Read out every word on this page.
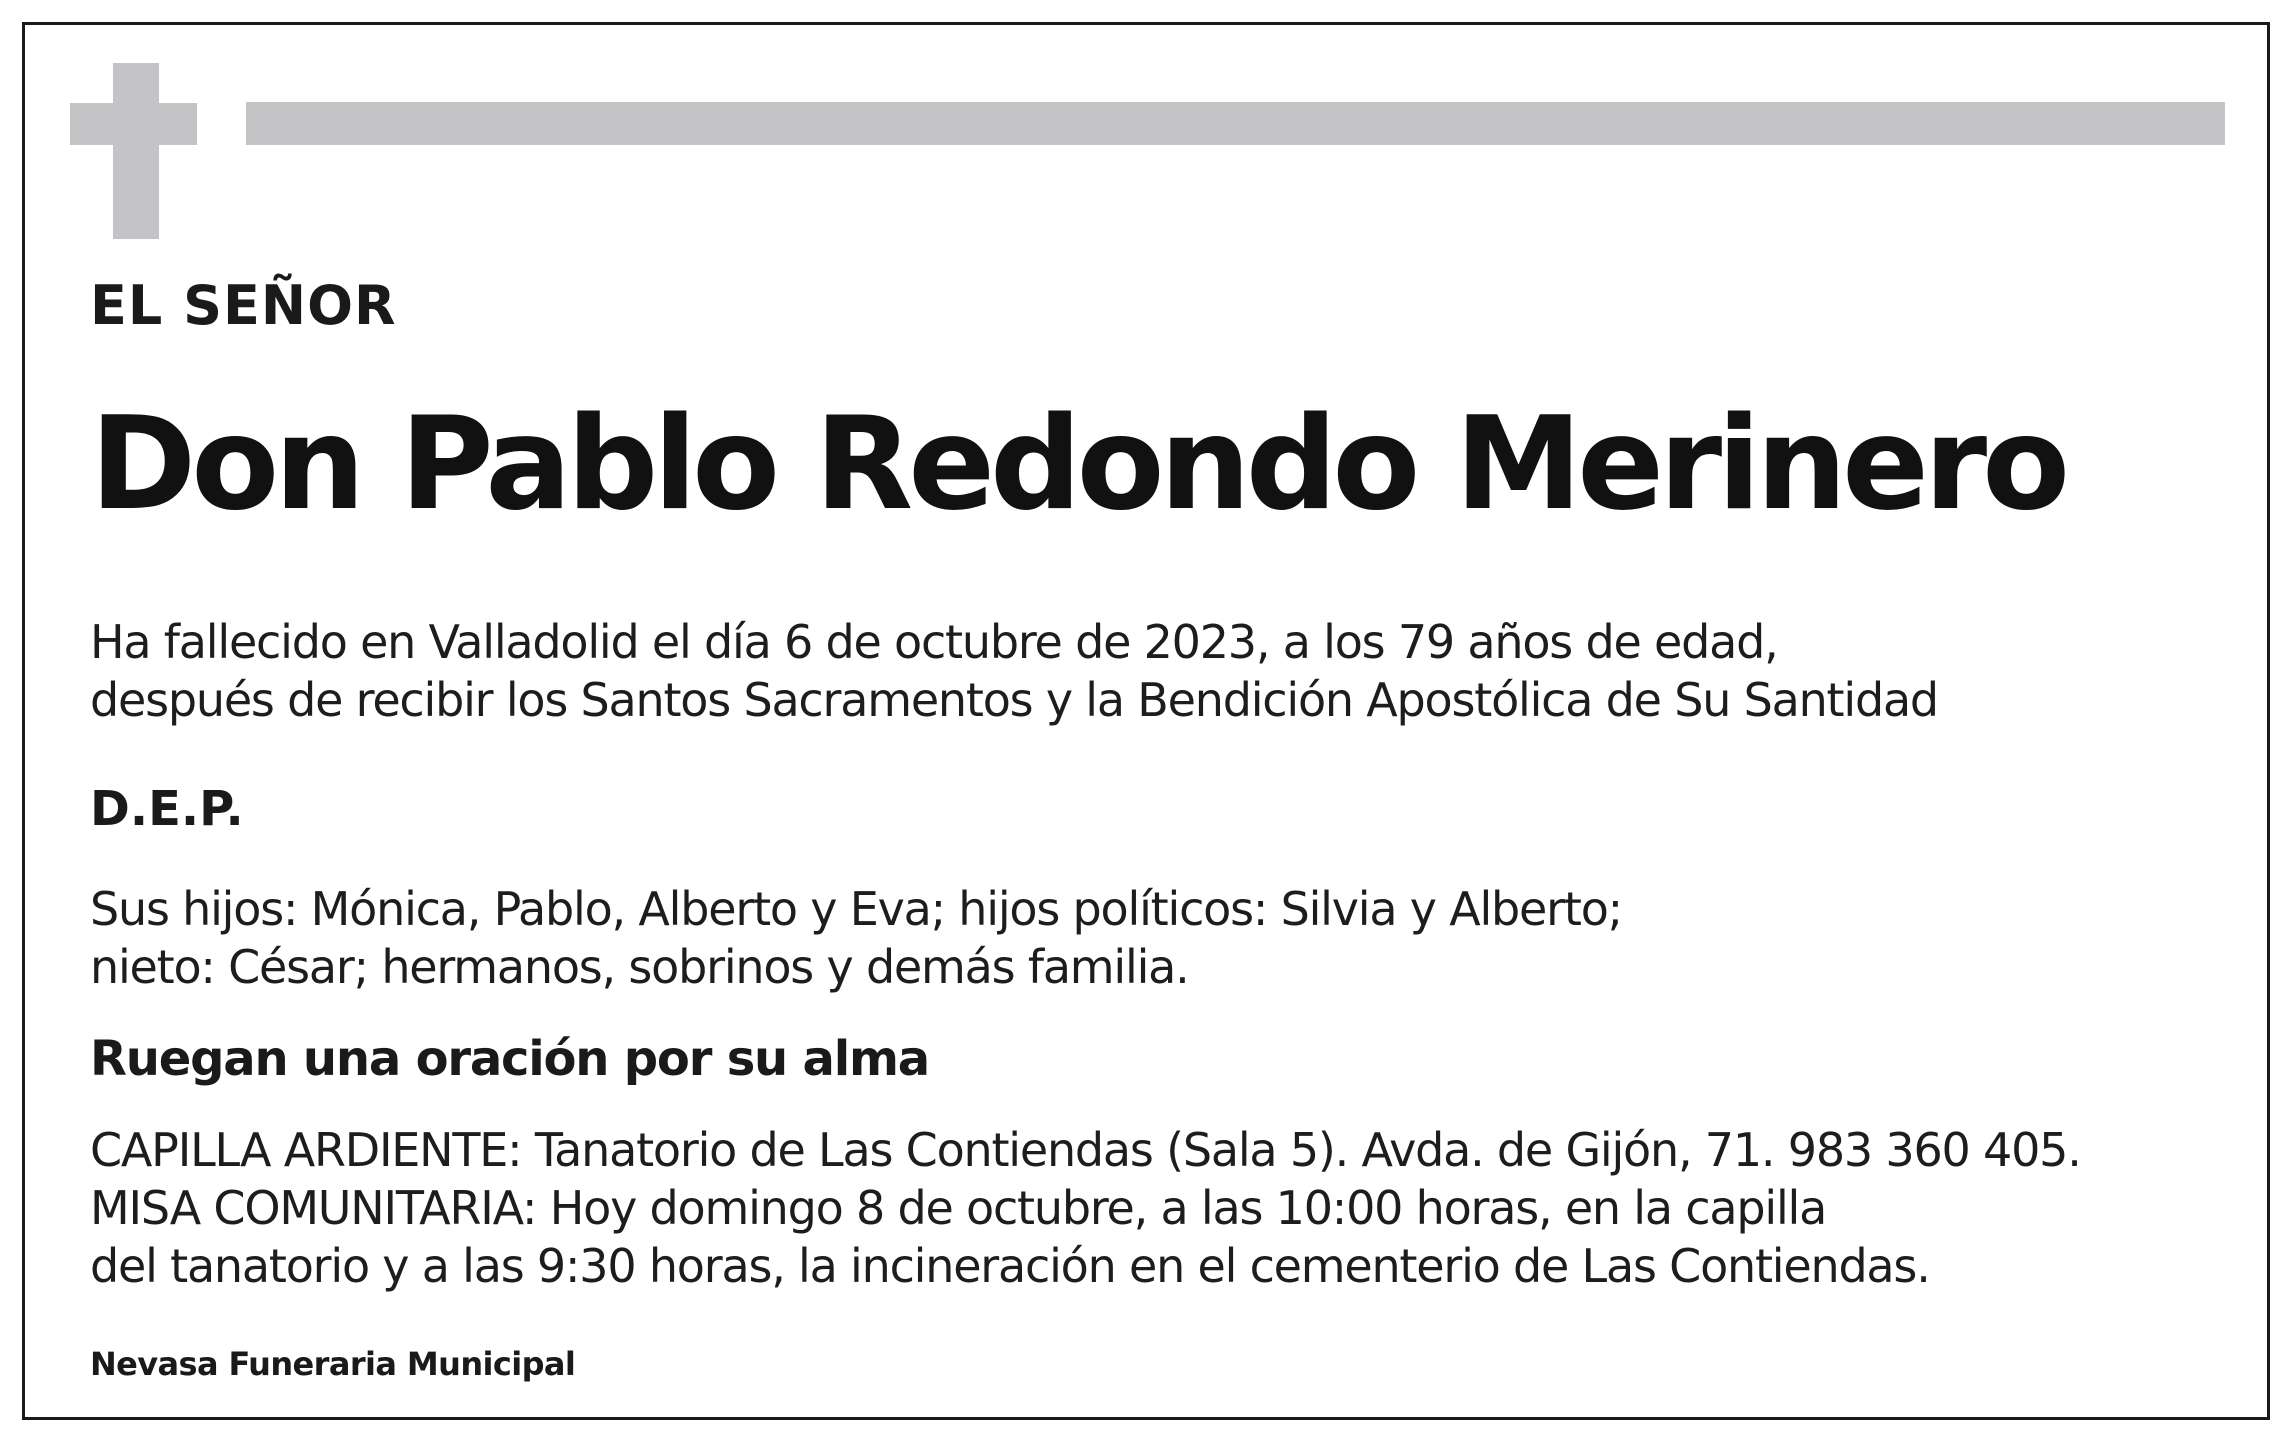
EL SEÑOR

Don Pablo Redondo Merinero

Ha fallecido en Valladolid el día 6 de octubre de 2023, a los 79 años de edad,

después de recibir los Santos Sacramentos y la Bendición Apostólica de Su Santidad

D.E.P.

Sus hijos: Mónica, Pablo, Alberto y Eva; hijos políticos: Silvia y Alberto;

nieto: César; hermanos, sobrinos y demás familia.

Ruegan una oración por su alma

CAPILLA ARDIENTE: Tanatorio de Las Contiendas (Sala 5). Avda. de Gijón, 71. 983 360 405.

MISA COMUNITARIA: Hoy domingo 8 de octubre, a las 10:00 horas, en la capilla

del tanatorio y a las 9:30 horas, la incineración en el cementerio de Las Contiendas.

Nevasa Funeraria Municipal
